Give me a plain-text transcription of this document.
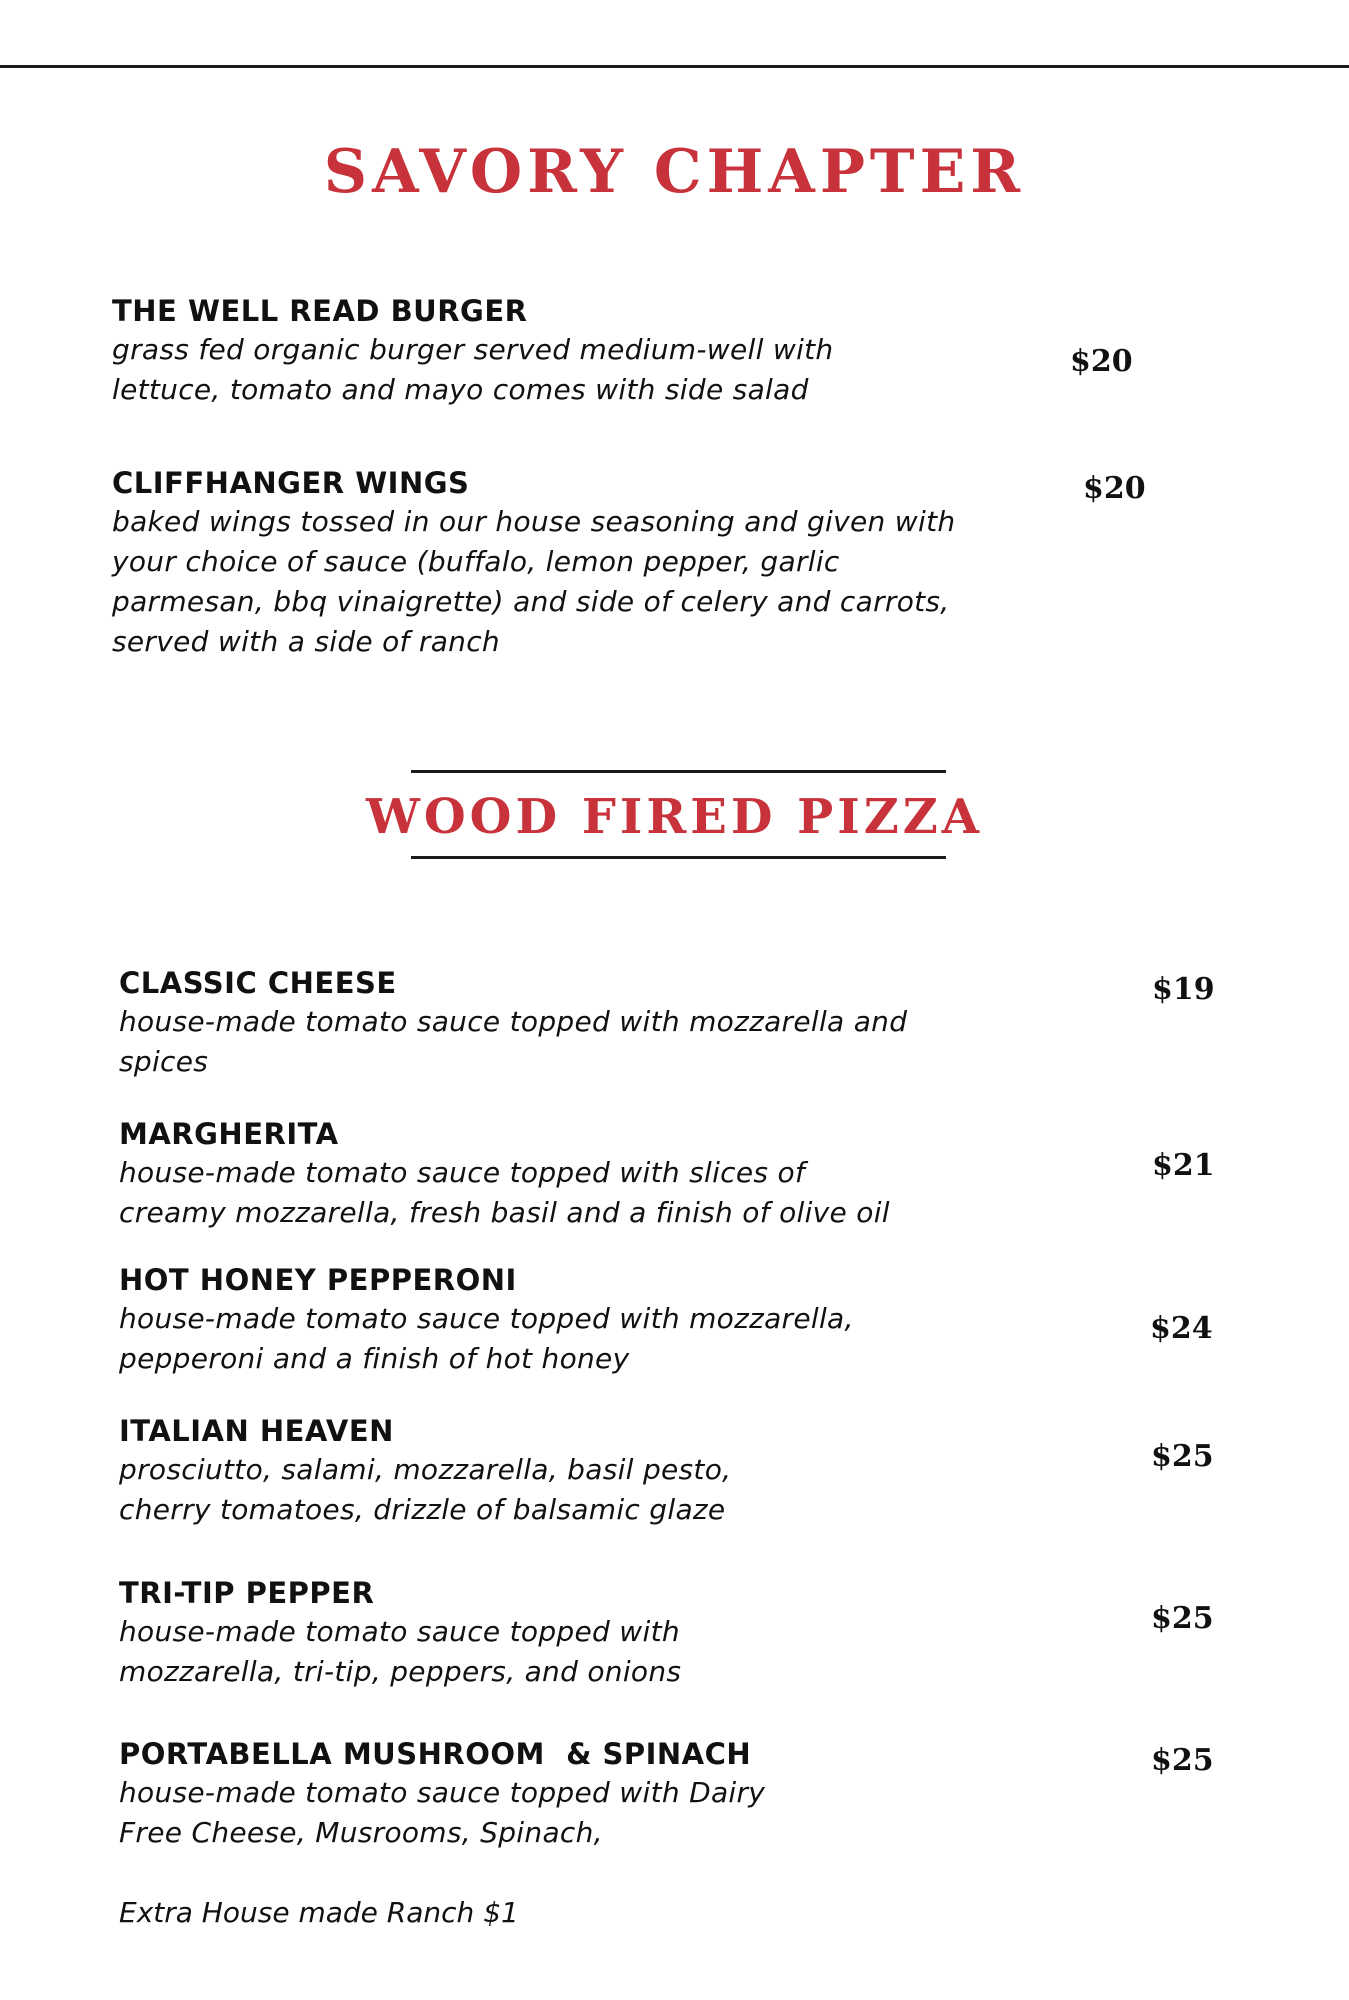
SAVORY CHAPTER
THE WELL READ BURGER
grass fed organic burger served medium-well with
lettuce, tomato and mayo comes with side salad
$20
CLIFFHANGER WINGS
baked wings tossed in our house seasoning and given with
your choice of sauce (buffalo, lemon pepper, garlic
parmesan, bbq vinaigrette) and side of celery and carrots,
served with a side of ranch
$20
WOOD FIRED PIZZA
CLASSIC CHEESE
house-made tomato sauce topped with mozzarella and
spices
$19
MARGHERITA
house-made tomato sauce topped with slices of
creamy mozzarella, fresh basil and a finish of olive oil
$21
HOT HONEY PEPPERONI
house-made tomato sauce topped with mozzarella,
pepperoni and a finish of hot honey
$24
ITALIAN HEAVEN
prosciutto, salami, mozzarella, basil pesto,
cherry tomatoes, drizzle of balsamic glaze
$25
TRI-TIP PEPPER
house-made tomato sauce topped with
mozzarella, tri-tip, peppers, and onions
$25
PORTABELLA MUSHROOM  & SPINACH
house-made tomato sauce topped with Dairy
Free Cheese, Musrooms, Spinach,
$25
Extra House made Ranch $1
